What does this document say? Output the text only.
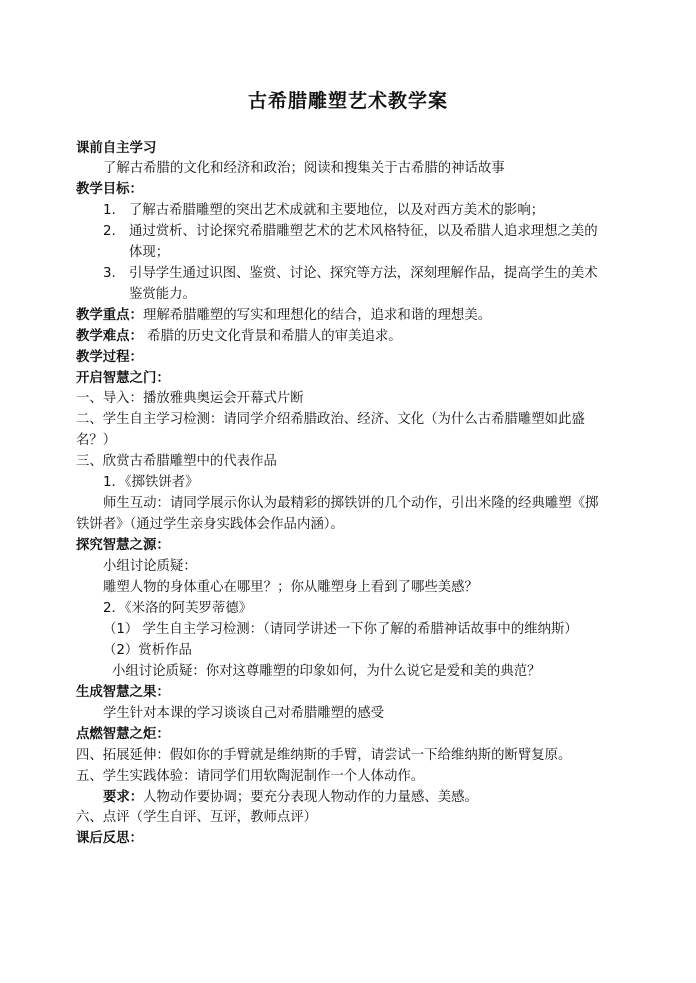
古希腊雕塑艺术教学案
课前自主学习
了解古希腊的文化和经济和政治；阅读和搜集关于古希腊的神话故事
教学目标：
1. 了解古希腊雕塑的突出艺术成就和主要地位，以及对西方美术的影响；
2. 通过赏析、讨论探究希腊雕塑艺术的艺术风格特征，以及希腊人追求理想之美的
体现；
3. 引导学生通过识图、鉴赏、讨论、探究等方法，深刻理解作品，提高学生的美术
鉴赏能力。
教学重点：理解希腊雕塑的写实和理想化的结合，追求和谐的理想美。
教学难点： 希腊的历史文化背景和希腊人的审美追求。
教学过程：
开启智慧之门：
一、导入：播放雅典奥运会开幕式片断
二、学生自主学习检测：请同学介绍希腊政治、经济、文化（为什么古希腊雕塑如此盛
名？）
三、欣赏古希腊雕塑中的代表作品
1．《掷铁饼者》
师生互动：请同学展示你认为最精彩的掷铁饼的几个动作，引出米隆的经典雕塑《掷
铁饼者》（通过学生亲身实践体会作品内涵）。
探究智慧之源：
小组讨论质疑：
雕塑人物的身体重心在哪里？；你从雕塑身上看到了哪些美感？
2．《米洛的阿芙罗蒂德》
（1） 学生自主学习检测：（请同学讲述一下你了解的希腊神话故事中的维纳斯）
（2）赏析作品
小组讨论质疑：你对这尊雕塑的印象如何，为什么说它是爱和美的典范？
生成智慧之果：
学生针对本课的学习谈谈自己对希腊雕塑的感受
点燃智慧之炬：
四、拓展延伸：假如你的手臂就是维纳斯的手臂，请尝试一下给维纳斯的断臂复原。
五、学生实践体验：请同学们用软陶泥制作一个人体动作。
要求：人物动作要协调；要充分表现人物动作的力量感、美感。
六、点评（学生自评、互评，教师点评）
课后反思：
